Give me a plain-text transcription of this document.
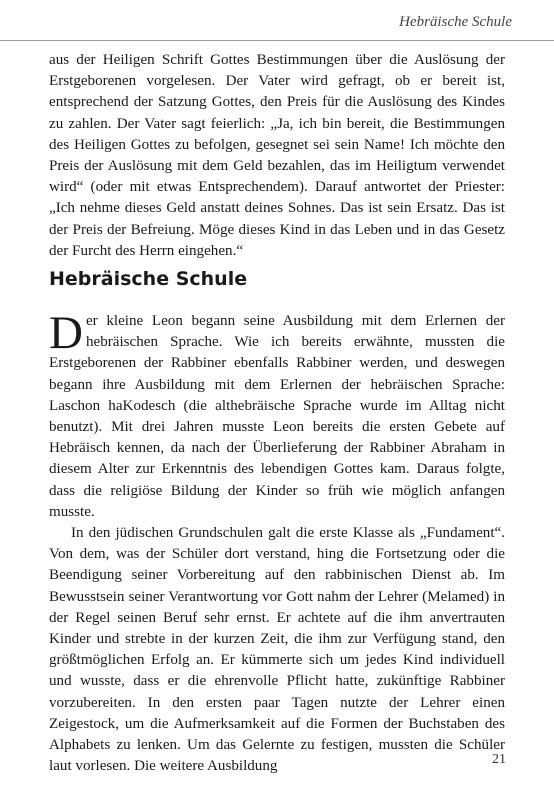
Hebräische Schule

aus der Heiligen Schrift Gottes Bestimmungen über die Auslösung der Erstgeborenen vorgelesen. Der Vater wird gefragt, ob er bereit ist, entsprechend der Satzung Gottes, den Preis für die Auslösung des Kindes zu zahlen. Der Vater sagt feierlich: „Ja, ich bin bereit, die Bestimmungen des Heiligen Gottes zu befolgen, gesegnet sei sein Name! Ich möchte den Preis der Auslösung mit dem Geld bezahlen, das im Heiligtum verwendet wird“ (oder mit etwas Entsprechendem). Darauf antwortet der Priester: „Ich nehme dieses Geld anstatt deines Sohnes. Das ist sein Ersatz. Das ist der Preis der Befreiung. Möge dieses Kind in das Leben und in das Gesetz der Furcht des Herrn eingehen.“

Hebräische Schule

Der kleine Leon begann seine Ausbildung mit dem Erlernen der hebräischen Sprache. Wie ich bereits erwähnte, mussten die Erstgeborenen der Rabbiner ebenfalls Rabbiner werden, und deswegen begann ihre Ausbildung mit dem Erlernen der hebräischen Sprache: Laschon haKodesch (die althebräische Sprache wurde im Alltag nicht benutzt). Mit drei Jahren musste Leon bereits die ersten Gebete auf Hebräisch kennen, da nach der Überlieferung der Rabbiner Abraham in diesem Alter zur Erkenntnis des lebendigen Gottes kam. Daraus folgte, dass die religiöse Bildung der Kinder so früh wie möglich anfangen musste.

In den jüdischen Grundschulen galt die erste Klasse als „Fundament“. Von dem, was der Schüler dort verstand, hing die Fortsetzung oder die Beendigung seiner Vorbereitung auf den rabbinischen Dienst ab. Im Bewusstsein seiner Verantwortung vor Gott nahm der Lehrer (Melamed) in der Regel seinen Beruf sehr ernst. Er achtete auf die ihm anvertrauten Kinder und strebte in der kurzen Zeit, die ihm zur Verfügung stand, den größtmöglichen Erfolg an. Er kümmerte sich um jedes Kind individuell und wusste, dass er die ehrenvolle Pflicht hatte, zukünftige Rabbiner vorzubereiten. In den ersten paar Tagen nutzte der Lehrer einen Zeigestock, um die Aufmerksamkeit auf die Formen der Buchstaben des Alphabets zu lenken. Um das Gelernte zu festigen, mussten die Schüler laut vorlesen. Die weitere Ausbildung	21
